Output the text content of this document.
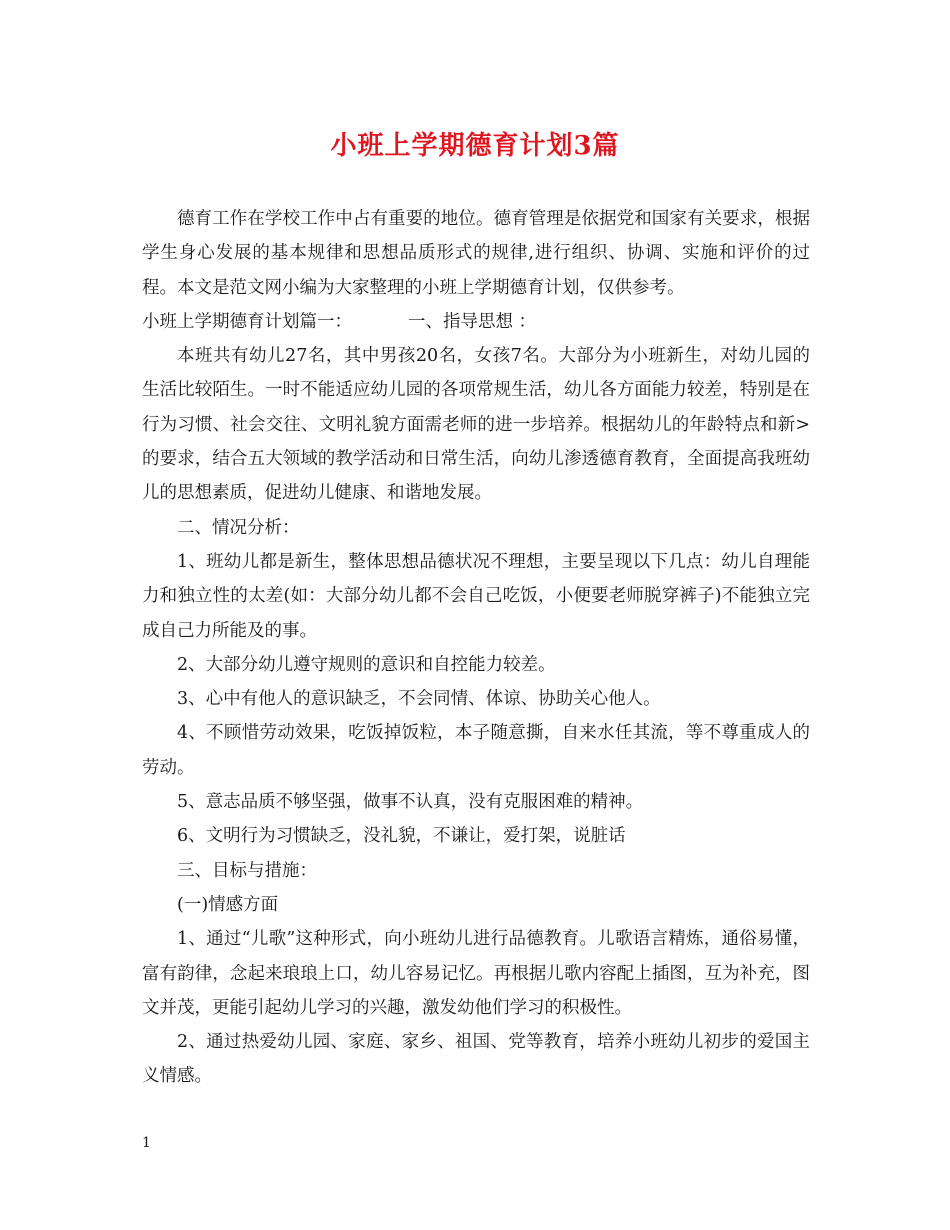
小班上学期德育计划3篇

德育工作在学校工作中占有重要的地位。德育管理是依据党和国家有关要求，根据学生身心发展的基本规律和思想品质形式的规律,进行组织、协调、实施和评价的过程。本文是范文网小编为大家整理的小班上学期德育计划，仅供参考。

小班上学期德育计划篇一：	一、指导思想 ：

本班共有幼儿27名，其中男孩20名，女孩7名。大部分为小班新生，对幼儿园的生活比较陌生。一时不能适应幼儿园的各项常规生活，幼儿各方面能力较差，特别是在行为习惯、社会交往、文明礼貌方面需老师的进一步培养。根据幼儿的年龄特点和新>的要求，结合五大领域的教学活动和日常生活，向幼儿渗透德育教育，全面提高我班幼儿的思想素质，促进幼儿健康、和谐地发展。

二、情况分析：

1、班幼儿都是新生，整体思想品德状况不理想，主要呈现以下几点：幼儿自理能力和独立性的太差(如：大部分幼儿都不会自己吃饭，小便要老师脱穿裤子)不能独立完成自己力所能及的事。

2、大部分幼儿遵守规则的意识和自控能力较差。

3、心中有他人的意识缺乏，不会同情、体谅、协助关心他人。

4、不顾惜劳动效果，吃饭掉饭粒，本子随意撕，自来水任其流，等不尊重成人的劳动。

5、意志品质不够坚强，做事不认真，没有克服困难的精神。

6、文明行为习惯缺乏，没礼貌，不谦让，爱打架，说脏话

三、目标与措施：

(一)情感方面

1、通过“儿歌”这种形式，向小班幼儿进行品德教育。儿歌语言精炼，通俗易懂，富有韵律，念起来琅琅上口，幼儿容易记忆。再根据儿歌内容配上插图，互为补充，图文并茂，更能引起幼儿学习的兴趣，激发幼他们学习的积极性。

2、通过热爱幼儿园、家庭、家乡、祖国、党等教育，培养小班幼儿初步的爱国主义情感。

1
